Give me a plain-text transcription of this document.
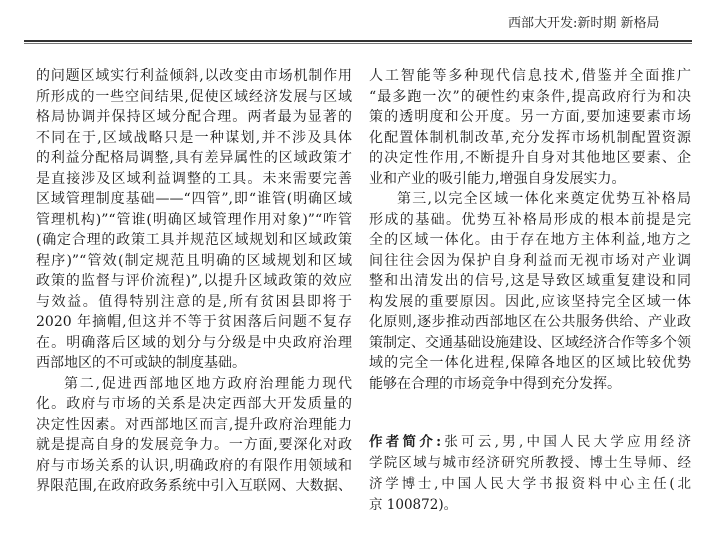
西部大开发:新时期 新格局
的问题区域实行利益倾斜,以改变由市场机制作用
所形成的一些空间结果,促使区域经济发展与区域
格局协调并保持区域分配合理。两者最为显著的
不同在于,区域战略只是一种谋划,并不涉及具体
的利益分配格局调整,具有差异属性的区域政策才
是直接涉及区域利益调整的工具。未来需要完善
区域管理制度基础——“四管”,即“谁管(明确区域
管理机构)”“管谁(明确区域管理作用对象)”“咋管
(确定合理的政策工具并规范区域规划和区域政策
程序)”“管效(制定规范且明确的区域规划和区域
政策的监督与评价流程)”,以提升区域政策的效应
与效益。值得特别注意的是,所有贫困县即将于
2020 年摘帽,但这并不等于贫困落后问题不复存
在。明确落后区域的划分与分级是中央政府治理
西部地区的不可或缺的制度基础。
第二,促进西部地区地方政府治理能力现代
化。政府与市场的关系是决定西部大开发质量的
决定性因素。对西部地区而言,提升政府治理能力
就是提高自身的发展竞争力。一方面,要深化对政
府与市场关系的认识,明确政府的有限作用领域和
界限范围,在政府政务系统中引入互联网、大数据、
人工智能等多种现代信息技术,借鉴并全面推广
“最多跑一次”的硬性约束条件,提高政府行为和决
策的透明度和公开度。另一方面,要加速要素市场
化配置体制机制改革,充分发挥市场机制配置资源
的决定性作用,不断提升自身对其他地区要素、企
业和产业的吸引能力,增强自身发展实力。
第三,以完全区域一体化来奠定优势互补格局
形成的基础。优势互补格局形成的根本前提是完
全的区域一体化。由于存在地方主体利益,地方之
间往往会因为保护自身利益而无视市场对产业调
整和出清发出的信号,这是导致区域重复建设和同
构发展的重要原因。因此,应该坚持完全区域一体
化原则,逐步推动西部地区在公共服务供给、产业政
策制定、交通基础设施建设、区域经济合作等多个领
域的完全一体化进程,保障各地区的区域比较优势
能够在合理的市场竞争中得到充分发挥。
作者简介:张可云,男,中国人民大学应用经济
学院区域与城市经济研究所教授、博士生导师、经
济学博士,中国人民大学书报资料中心主任(北
京 100872)。
